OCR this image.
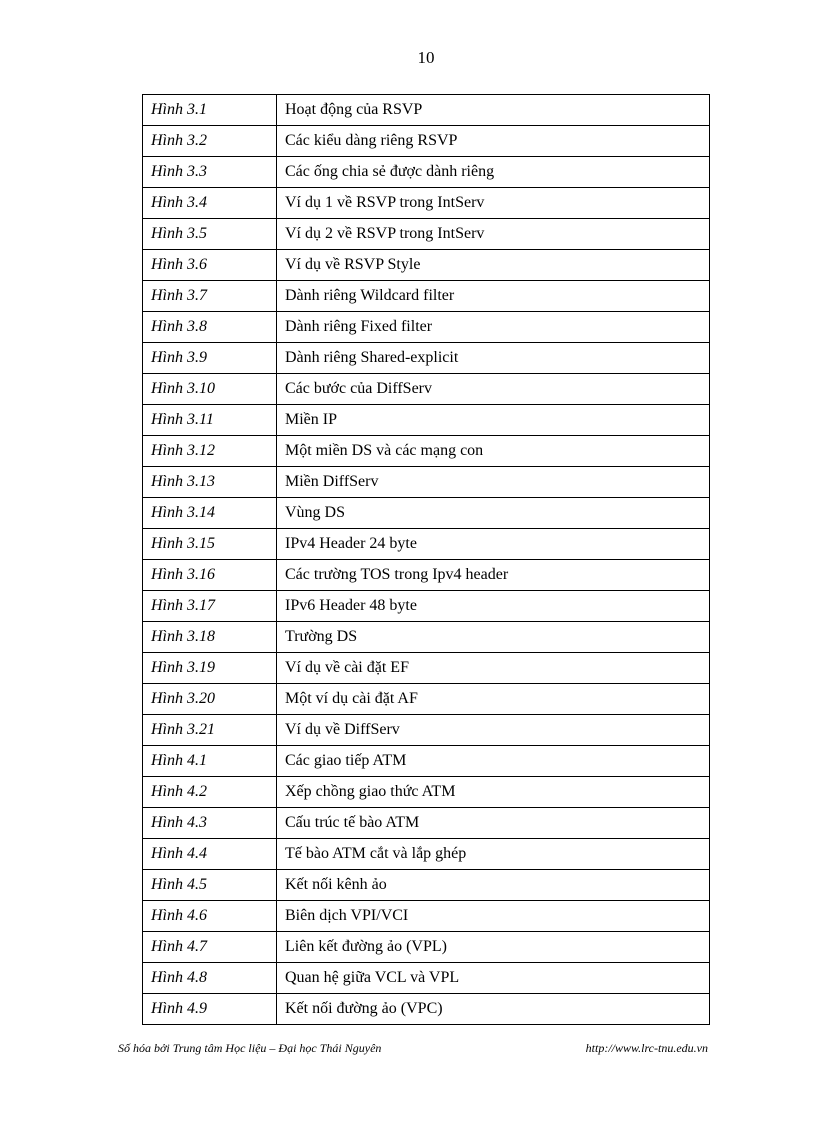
10
Hình 3.1	Hoạt động của RSVP
Hình 3.2	Các kiểu dàng riêng RSVP
Hình 3.3	Các ống chia sẻ được dành riêng
Hình 3.4	Ví dụ 1 về RSVP trong IntServ
Hình 3.5	Ví dụ 2 về RSVP trong IntServ
Hình 3.6	Ví dụ về RSVP Style
Hình 3.7	Dành riêng Wildcard filter
Hình 3.8	Dành riêng Fixed filter
Hình 3.9	Dành riêng Shared-explicit
Hình 3.10	Các bước của DiffServ
Hình 3.11	Miền IP
Hình 3.12	Một miền DS và các mạng con
Hình 3.13	Miền DiffServ
Hình 3.14	Vùng DS
Hình 3.15	IPv4 Header 24 byte
Hình 3.16	Các trường TOS trong Ipv4 header
Hình 3.17	IPv6 Header 48 byte
Hình 3.18	Trường DS
Hình 3.19	Ví dụ về cài đặt EF
Hình 3.20	Một ví dụ cài đặt AF
Hình 3.21	Ví dụ về DiffServ
Hình 4.1	Các giao tiếp ATM
Hình 4.2	Xếp chồng giao thức ATM
Hình 4.3	Cấu trúc tế bào ATM
Hình 4.4	Tế bào ATM cắt và lắp ghép
Hình 4.5	Kết nối kênh ảo
Hình 4.6	Biên dịch VPI/VCI
Hình 4.7	Liên kết đường ảo (VPL)
Hình 4.8	Quan hệ giữa VCL và VPL
Hình 4.9	Kết nối đường ảo (VPC)
Số hóa bởi Trung tâm Học liệu – Đại học Thái Nguyên	http://www.lrc-tnu.edu.vn
